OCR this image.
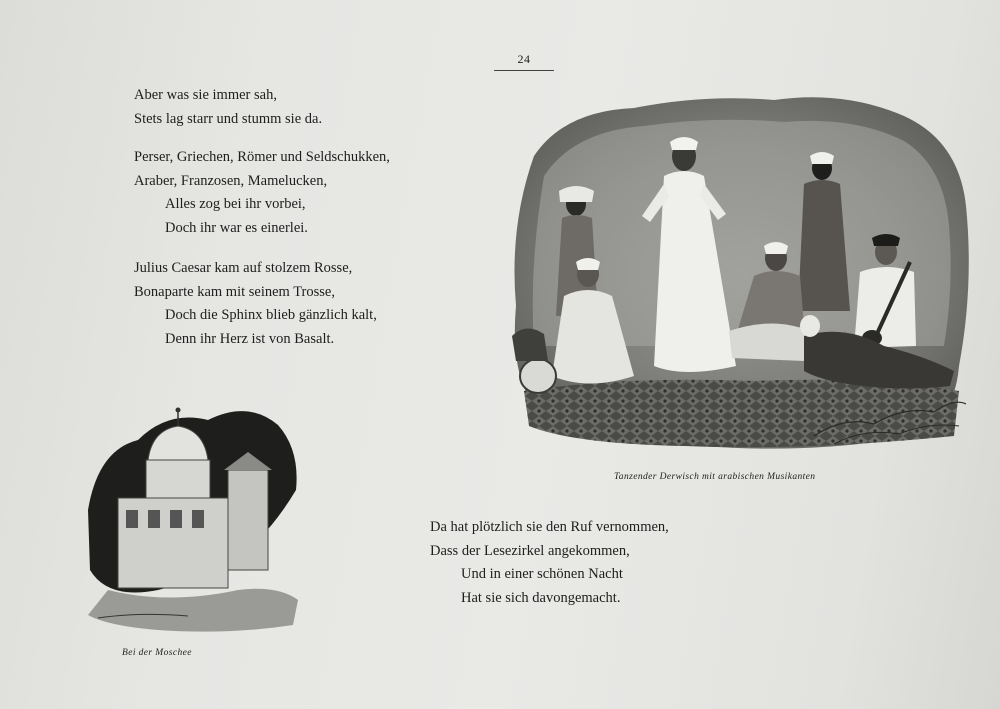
24
Aber was sie immer sah,
Stets lag starr und stumm sie da.
Perser, Griechen, Römer und Seldschukken,
Araber, Franzosen, Mamelucken,
Alles zog bei ihr vorbei,
Doch ihr war es einerlei.
Julius Caesar kam auf stolzem Rosse,
Bonaparte kam mit seinem Trosse,
Doch die Sphinx blieb gänzlich kalt,
Denn ihr Herz ist von Basalt.
Da hat plötzlich sie den Ruf vernommen,
Dass der Lesezirkel angekommen,
Und in einer schönen Nacht
Hat sie sich davongemacht.
Tanzender Derwisch mit arabischen Musikanten
Bei der Moschee
